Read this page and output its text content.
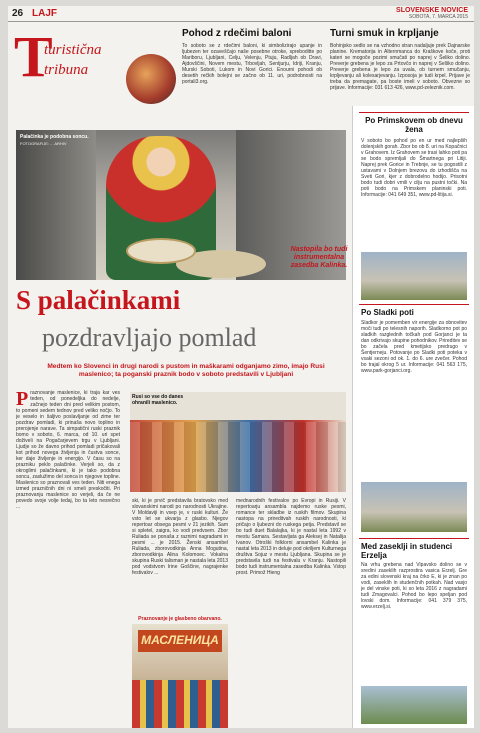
26 LAJF	SLOVENSKE NOVICE
SOBOTA, 7. MARCA 2015
T
turistična
tribuna
Pohod z rdečimi baloni
To soboto se z rdečimi baloni, ki simbolizirajo upanje in ljubezen ter ozaveščajo naše posebne otroke, spreboditte po Mariboru, Ljubljani, Celju, Velenju, Ptuju, Radljah ob Dravi, Ajdovščini, Novem mestu, Trbovljah, Sentjurju, Idriji, Kranju, Murski Soboti, Lukom in Novi Gorici. Enourni pohodi ob desetih rečkih bolejni se začno ob 11. uri, podrobnosti na portali3.org.
Turni smuk in krpljanje
Bohinjsko sedlo se na vzhodno stran nadaljuje prek Dajnarske planine. Krematorija in Alternmanca do Kraškove koče, proti kateri se mogoče pozimi smučati po naprej v Šeliko dolino. Preverje grebena je lepo za Prtovčo in naprej v Selško dolino. Preverje grebena je lepo za uvala, ob turnem smučanju, krpljevanju ali kolesarjevanju. Izposoja je tudi krpel. Prijave je treba da premagate, pa boste imeli v soboto. Obvezne so prijave. Informacije: 031 613 426, www.pd-zeleznik.com.
Palačinka je podobna soncu.
FOTOGRAFIJE: ... ARHIV
Nastopila bo tudi instrumentalna zasedba Kalinka.
S palačinkami
pozdravljajo pomlad
Medtem ko Slovenci in drugi narodi s pustom in maškarami odganjamo zimo, imajo Rusi maslenico; ta poganski praznik bodo v soboto predstavili v Ljubljani
Praznovanje maslenice, ki traja kar ves teden, od ponedeljka do nedelje, začnejo teden dni pred velikim postom, to pomeni sedem tednov pred veliko nočjo. To je veselo in šaljivo poslavljanje od zime ter pozdrav pomladi, ki prinaša novo toplino in prerojenje narave. Ta simpatični ruski praznik bomo v soboto, 6. marca, od 10. uri spet doživeli na Pogačarjevem trgu v Ljubljani. Ljudje so že davno prihod pomladi pričakovali kot prihod novega življenja in čustva sonce, ker daje življenje in energijo. V času so na prazniku peklo palačinke. Verjeli so, da z okroglimi palačinkami, ki je tako podobna soncu, zaslužimo del sonca in njegove topline. Maslenico so praznovali ves teden. Niti enega izmed prazničnih dni ni smeli preskočiti. Pri praznovanju maslenice so verjeli, da če ne povedo svoje volje tedaj, bo ta leto nesrečno ...
Rusi so vse do danes ohranili maslenico.
ski, ki je prvič predstavila bratovsko med slovanskimi narodi po narodnosti Ukrajine. V Moldaviji in vsep je, v ruski kulturi. Že vsto let se ukvarja z glasbo. Njegov repertoar obsega pesmi v 21 jezikih. Sam si spletel, zaigra, ko vodi predvsem. Zbor Ruliada se ponaša z raznimi nagradami in pesmi ... je 2015. Ženski ansambel Ruliada, zborovodkinja Anna Mogutina, zborovodkinja Alina Kolomoec. Vokalna skupina Ruski talisman je nastala leta 2013 pod vodstvom Irine Goščine, nagrajenke festivalov ...
Praznovanje je glasbeno obarvano.
МАСЛЕНИЦА
mednarodnih festivalov po Evropi in Rusiji. V repertoarju ansambla najdemo ruske pesmi, romance ter skladbe iz ruskih filmov. Skupina nastopa na prireditvah ruskih narodnosti, ki pričajo o ljubezni do ruskega petja. Predstavil se bo tudi duet Balalajka, ki je nastal leta 1992 v mestu Samara. Sestavljata ga Aleksej in Natalija Ivanov. Otroški folklorni ansambel Kalinka je nastal leta 2013 in deluje pod okriljem Kulturnega društva Sojuz v mestu Ljubljana. Skupina se je predstavila tudi na festivalu v Kranju. Nastopili bodo tudi instrumentalna zasedba Kalinka. Vstop prost. Primož Hieng
Po Primskovem ob dnevu žena
V soboto bo pohod po en ur med najlepših dolenjskih gorah. Zbor bo ob 8. uri na Kopačnici v Grahovem. Iz Grahovem se trasi lahko poti pa se bodo spremljali do Šmartnega pri Litiji. Naprej prek Gorice in Trebnje, se tu pogostili z ustavami v Dolnjem brezovu do izhodišča na Sveti Gori, kjer z dobrodelno hodijo. Prisotni bodo tudi dobri vrnili v cilju na pustni točki. Na poti bodo na Primskem planinski poti. Informacije: 041 649 351, www.pd-litija.si.
Po Sladki poti
Sladkor je pomemben vir energije za obnovitev moči tudi po telesnih naporih. Sladkorno pot po sladkih razglednih točkah pod Gorjanci je ta dan odkrivajo skupine pohodnikov. Prireditev se bo začela pred kmetijsko predrugo v Šentjerneju. Potovanje po Sladki poti poteka v vsaki sezoni od ok. 1. do 6. ure zvečer. Pohod bo trajal okrog 5 ur. Informacije: 041 563 175, www.park-gorjanci.org.
Med zaseklji in studenci Erzelja
Na vrhu grebena nad Vipavsko dolino se v sredini zaseklih razprostira vasica Erzelj. Gre za edini slovenski kraj na črko E, ki je znan po vodi, zaseklih in studenčnih potkah. Nad vasjo je del vinske poti, ki so leta 2016 z nagradami tudi Zmagovalci. Pohod bo lepo speljan pod lovski dom. Informacije: 041 379 375, www.erzelj.si.
